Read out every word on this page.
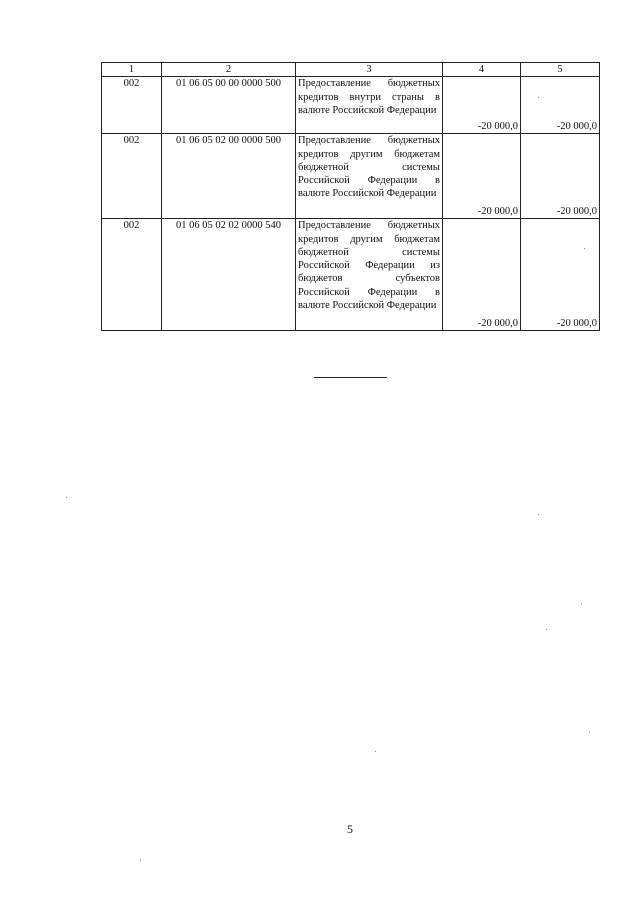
1	2	3	4	5
002	01 06 05 00 00 0000 500	Предоставление бюджетных кредитов внутри страны в валюте Российской Федерации	-20 000,0	-20 000,0
002	01 06 05 02 00 0000 500	Предоставление бюджетных кредитов другим бюджетам бюджетной системы Российской Федерации в валюте Российской Федерации	-20 000,0	-20 000,0
002	01 06 05 02 02 0000 540	Предоставление бюджетных кредитов другим бюджетам бюджетной системы Российской Федерации из бюджетов субъектов Российской Федерации в валюте Российской Федерации	-20 000,0	-20 000,0
5
